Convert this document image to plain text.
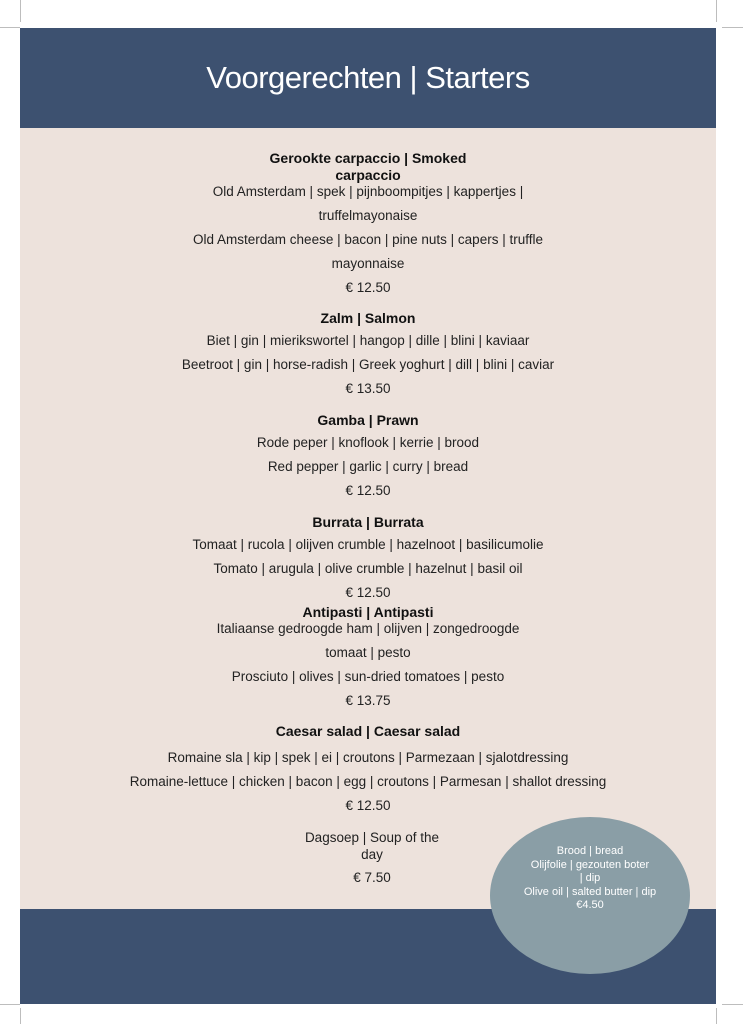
Voorgerechten | Starters
Gerookte carpaccio | Smoked
carpaccio
Old Amsterdam | spek | pijnboompitjes | kappertjes |
truffelmayonaise
Old Amsterdam cheese | bacon | pine nuts | capers | truffle
mayonnaise
€ 12.50
Zalm | Salmon
Biet | gin | mierikswortel | hangop | dille | blini | kaviaar
Beetroot | gin | horse-radish | Greek yoghurt | dill | blini | caviar
€ 13.50
Gamba | Prawn
Rode peper | knoflook | kerrie | brood
Red pepper | garlic | curry | bread
€ 12.50
Burrata | Burrata
Tomaat | rucola | olijven crumble | hazelnoot | basilicumolie
Tomato | arugula | olive crumble | hazelnut | basil oil
€ 12.50
Antipasti | Antipasti
Italiaanse gedroogde ham | olijven | zongedroogde
tomaat | pesto
Prosciuto | olives | sun-dried tomatoes | pesto
€ 13.75
Caesar salad | Caesar salad
Romaine sla | kip | spek | ei | croutons | Parmezaan | sjalotdressing
Romaine-lettuce | chicken | bacon | egg | croutons | Parmesan | shallot dressing
€ 12.50
Dagsoep | Soup of the day
€ 7.50
Brood | bread
Olijfolie | gezouten boter | dip
Olive oil | salted butter | dip
€4.50
